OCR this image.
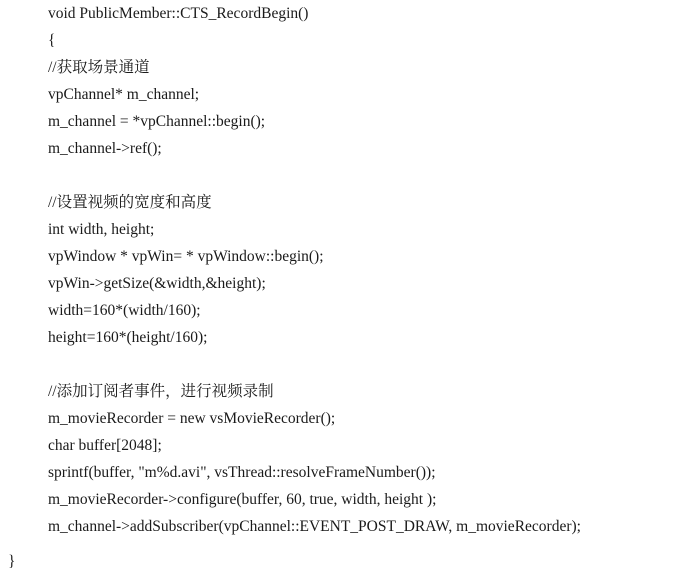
void PublicMember::CTS_RecordBegin()
{
//获取场景通道
vpChannel* m_channel;
m_channel = *vpChannel::begin();
m_channel->ref();
//设置视频的宽度和高度
int width, height;
vpWindow * vpWin= * vpWindow::begin();
vpWin->getSize(&width,&height);
width=160*(width/160);
height=160*(height/160);
//添加订阅者事件，进行视频录制
m_movieRecorder = new vsMovieRecorder();
char buffer[2048];
sprintf(buffer, "m%d.avi", vsThread::resolveFrameNumber());
m_movieRecorder->configure(buffer, 60, true, width, height );
m_channel->addSubscriber(vpChannel::EVENT_POST_DRAW, m_movieRecorder);
}
